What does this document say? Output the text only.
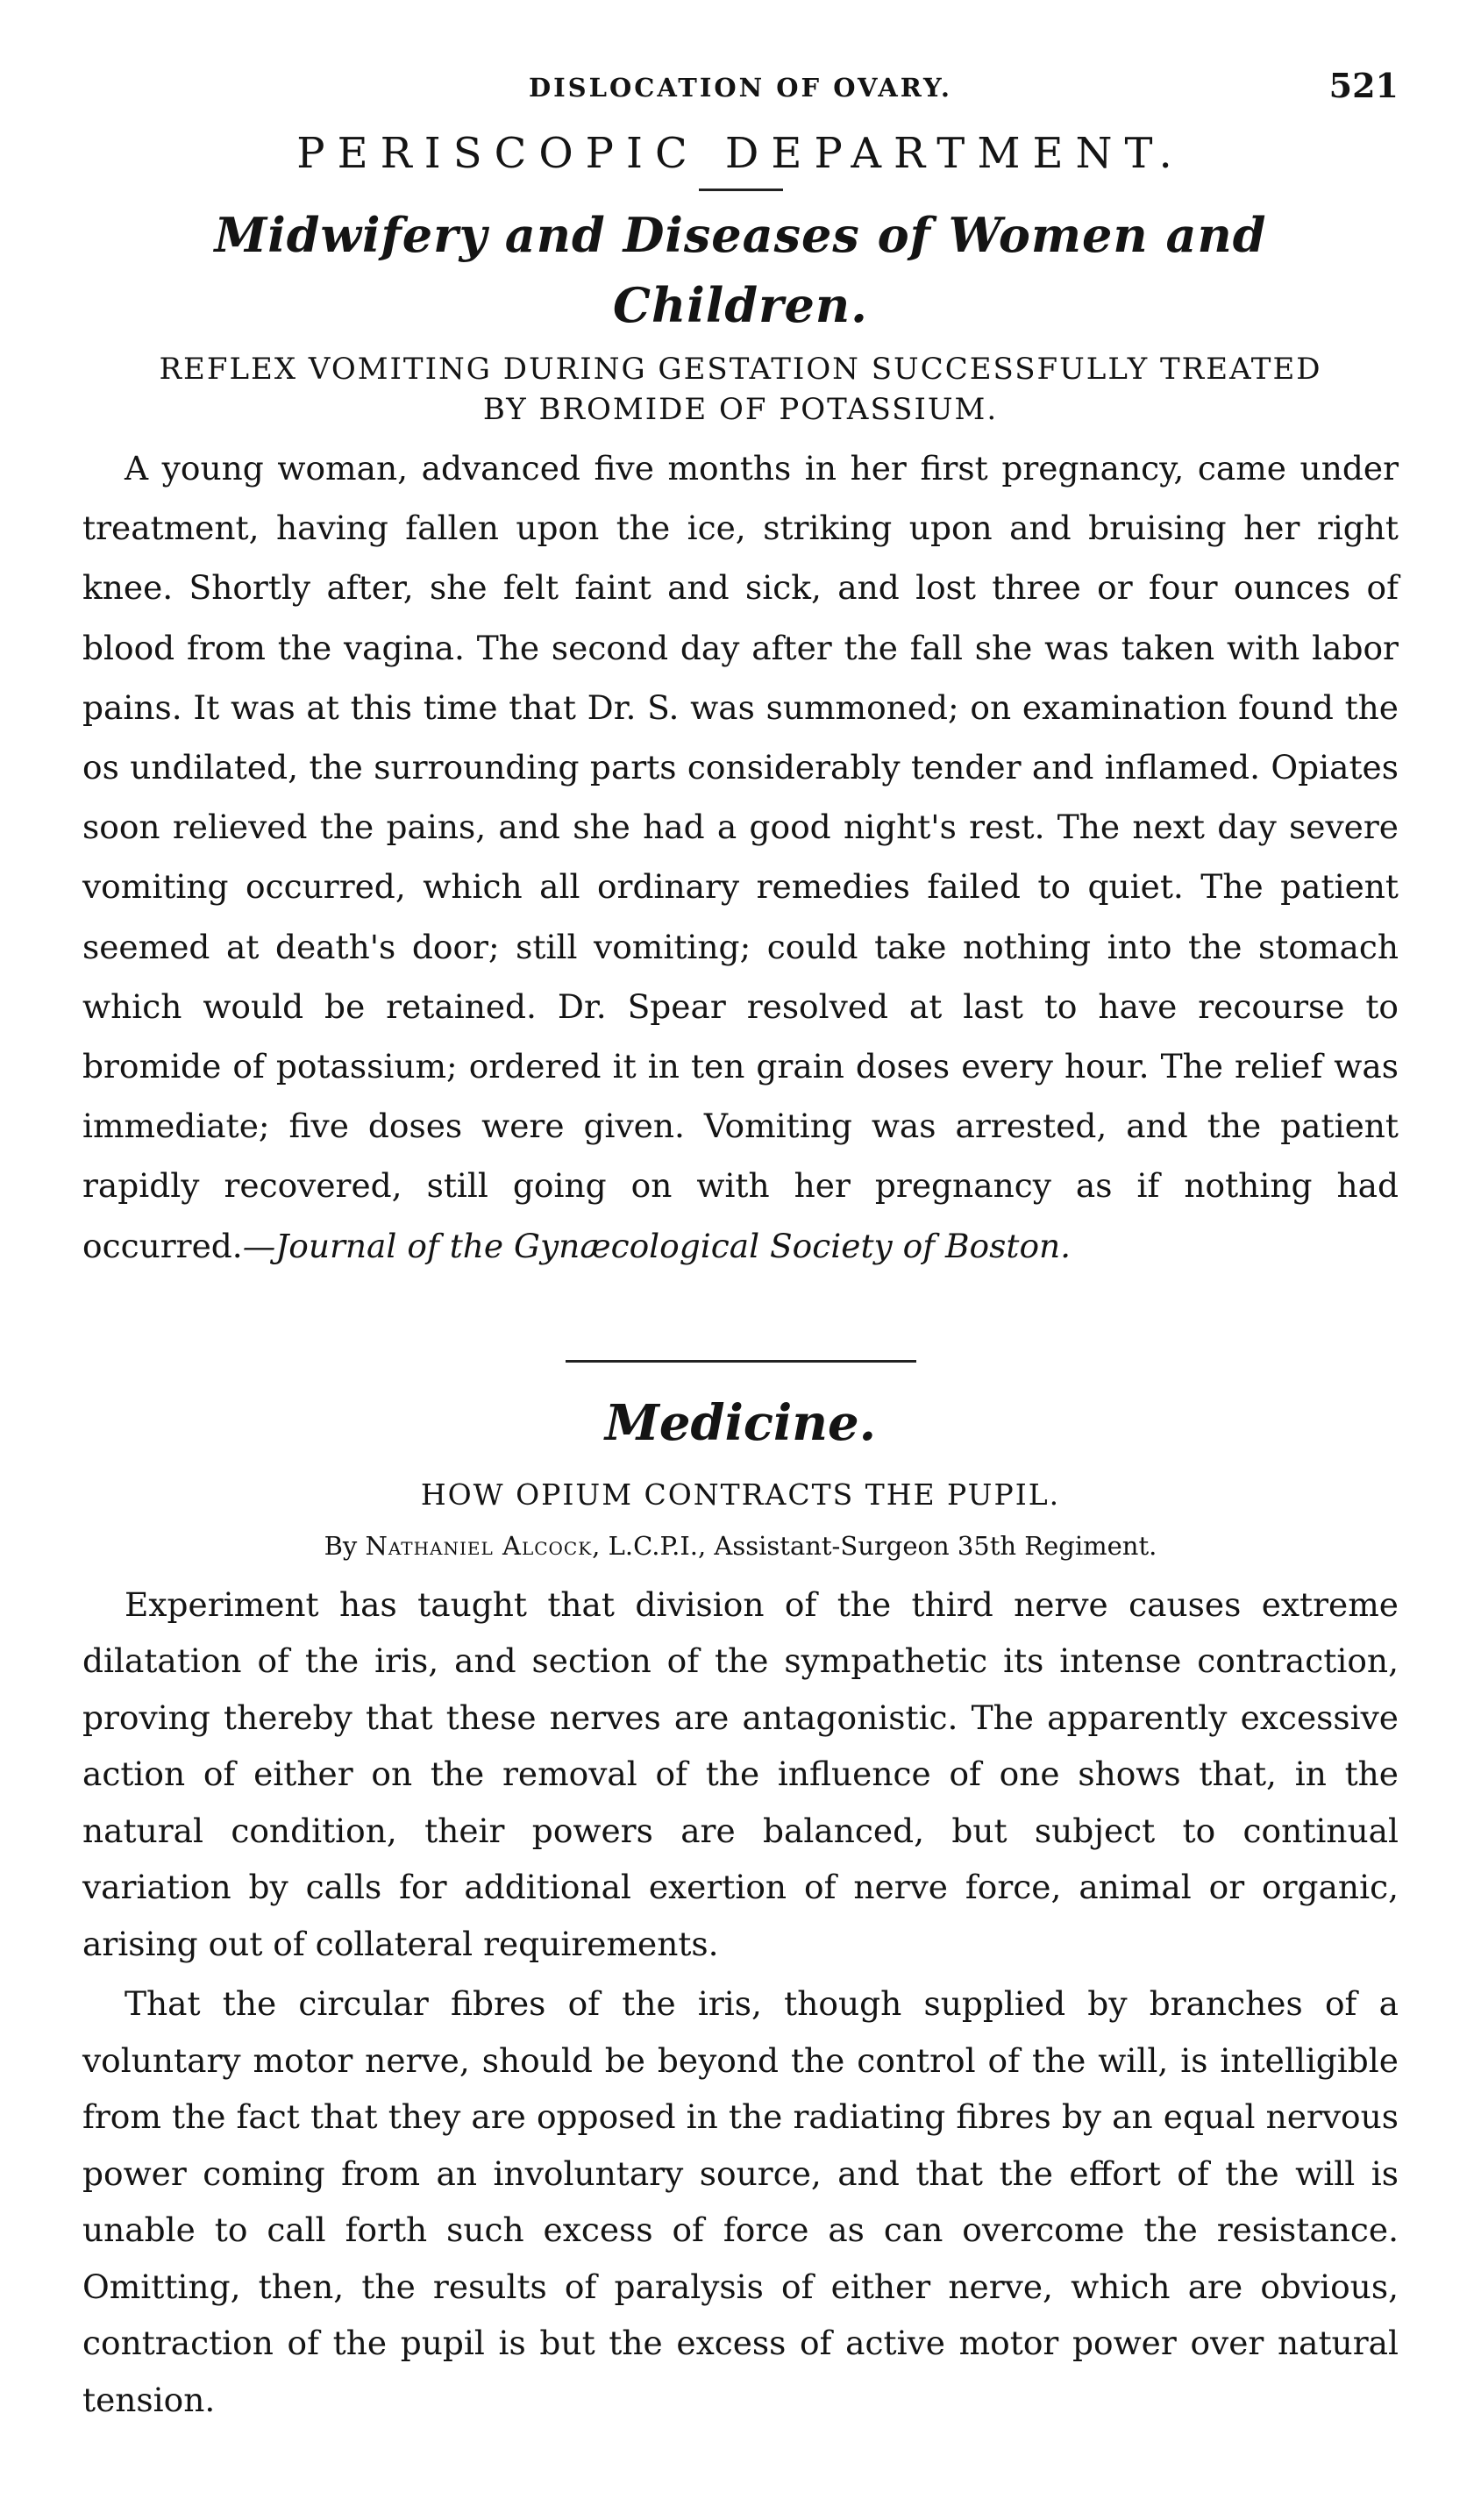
DISLOCATION OF OVARY.	521
PERISCOPIC DEPARTMENT.
Midwifery and Diseases of Women and Children.
REFLEX VOMITING DURING GESTATION SUCCESSFULLY TREATED
BY BROMIDE OF POTASSIUM.

A young woman, advanced five months in her first pregnancy, came under treatment, having fallen upon the ice, striking upon and bruising her right knee. Shortly after, she felt faint and sick, and lost three or four ounces of blood from the vagina. The second day after the fall she was taken with labor pains. It was at this time that Dr. S. was summoned; on examination found the os undilated, the surrounding parts considerably tender and inflamed. Opiates soon relieved the pains, and she had a good night's rest. The next day severe vomiting occurred, which all ordinary remedies failed to quiet. The patient seemed at death's door; still vomiting; could take nothing into the stomach which would be retained. Dr. Spear resolved at last to have recourse to bromide of potassium; ordered it in ten grain doses every hour. The relief was immediate; five doses were given. Vomiting was arrested, and the patient rapidly recovered, still going on with her pregnancy as if nothing had occurred.—Journal of the Gynæcological Society of Boston.

Medicine.
HOW OPIUM CONTRACTS THE PUPIL.
By Nathaniel Alcock, L.C.P.I., Assistant-Surgeon 35th Regiment.

Experiment has taught that division of the third nerve causes extreme dilatation of the iris, and section of the sympathetic its intense contraction, proving thereby that these nerves are antagonistic. The apparently excessive action of either on the removal of the influence of one shows that, in the natural condition, their powers are balanced, but subject to continual variation by calls for additional exertion of nerve force, animal or organic, arising out of collateral requirements.

That the circular fibres of the iris, though supplied by branches of a voluntary motor nerve, should be beyond the control of the will, is intelligible from the fact that they are opposed in the radiating fibres by an equal nervous power coming from an involuntary source, and that the effort of the will is unable to call forth such excess of force as can overcome the resistance. Omitting, then, the results of paralysis of either nerve, which are obvious, contraction of the pupil is but the excess of active motor power over natural tension.
